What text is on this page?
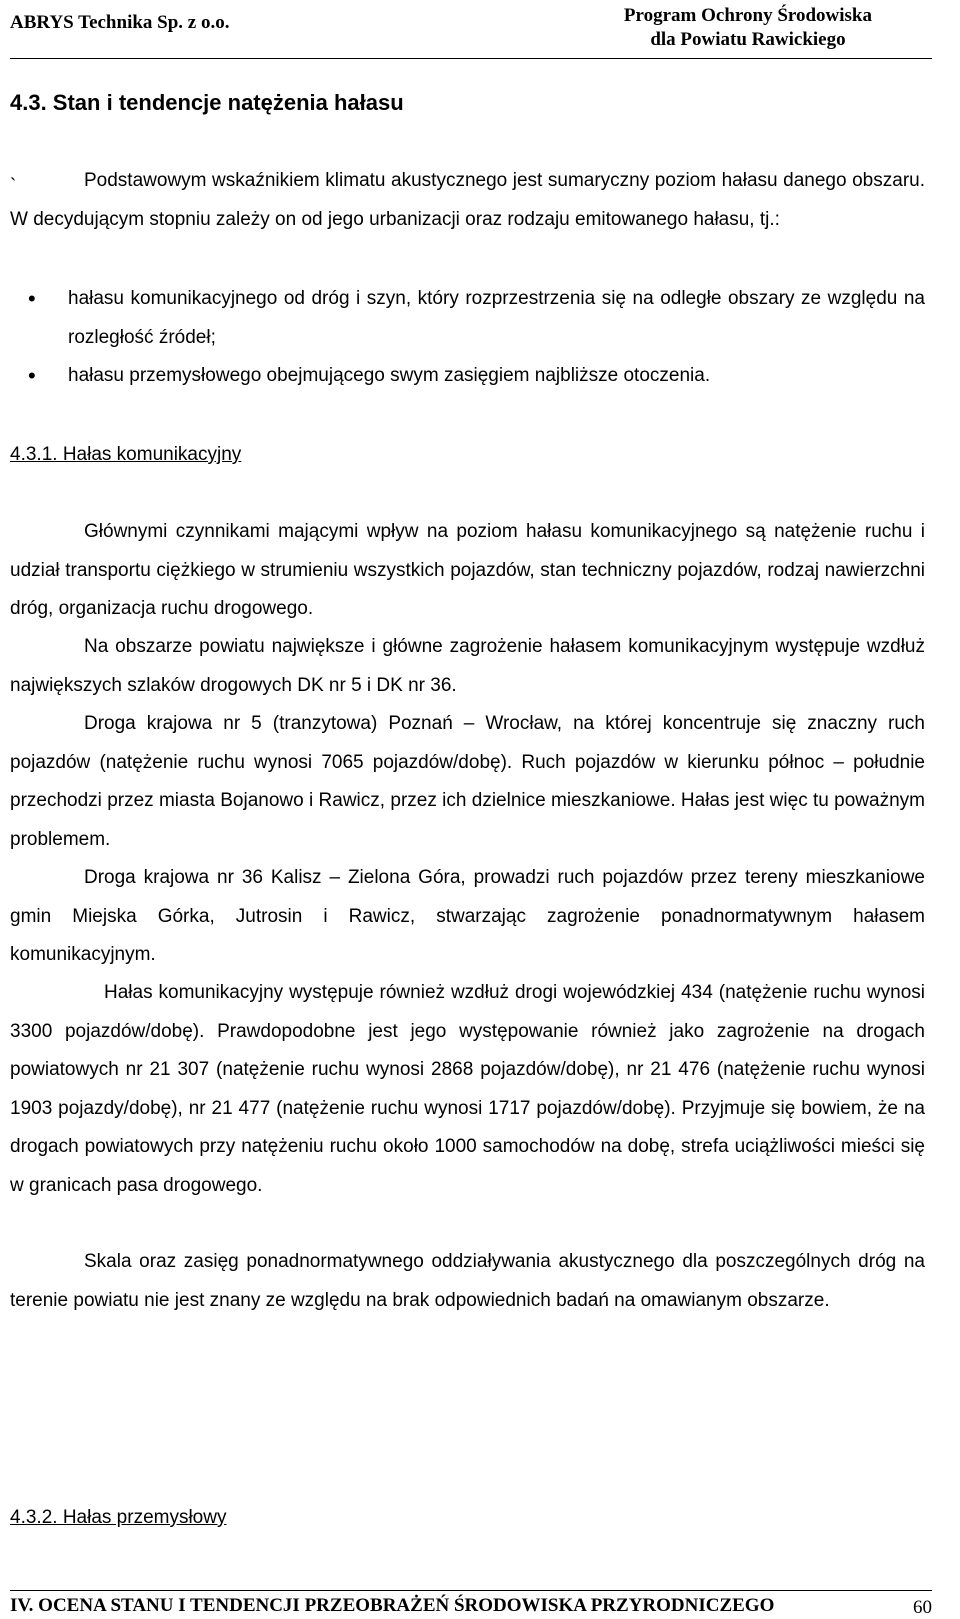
ABRYS Technika Sp. z o.o.	Program Ochrony Środowiska
dla Powiatu Rawickiego
4.3. Stan i tendencje natężenia hałasu
`	Podstawowym wskaźnikiem klimatu akustycznego jest sumaryczny poziom hałasu danego obszaru. W decydującym stopniu zależy on od jego urbanizacji oraz rodzaju emitowanego hałasu, tj.:

• hałasu komunikacyjnego od dróg i szyn, który rozprzestrzenia się na odległe obszary ze względu na rozległość źródeł;
• hałasu przemysłowego obejmującego swym zasięgiem najbliższe otoczenia.
4.3.1. Hałas komunikacyjny

Głównymi czynnikami mającymi wpływ na poziom hałasu komunikacyjnego są natężenie ruchu i udział transportu ciężkiego w strumieniu wszystkich pojazdów, stan techniczny pojazdów, rodzaj nawierzchni dróg, organizacja ruchu drogowego.

Na obszarze powiatu największe i główne zagrożenie hałasem komunikacyjnym występuje wzdłuż największych szlaków drogowych DK nr 5 i DK nr 36.

Droga krajowa nr 5 (tranzytowa) Poznań – Wrocław, na której koncentruje się znaczny ruch pojazdów (natężenie ruchu wynosi 7065 pojazdów/dobę). Ruch pojazdów w kierunku północ – południe przechodzi przez miasta Bojanowo i Rawicz, przez ich dzielnice mieszkaniowe. Hałas jest więc tu poważnym problemem.

Droga krajowa nr 36 Kalisz – Zielona Góra, prowadzi ruch pojazdów przez tereny mieszkaniowe gmin Miejska Górka, Jutrosin i Rawicz, stwarzając zagrożenie ponadnormatywnym hałasem komunikacyjnym.

Hałas komunikacyjny występuje również wzdłuż drogi wojewódzkiej 434 (natężenie ruchu wynosi 3300 pojazdów/dobę). Prawdopodobne jest jego występowanie również jako zagrożenie na drogach powiatowych nr 21 307 (natężenie ruchu wynosi 2868 pojazdów/dobę), nr 21 476 (natężenie ruchu wynosi 1903 pojazdy/dobę), nr 21 477 (natężenie ruchu wynosi 1717 pojazdów/dobę). Przyjmuje się bowiem, że na drogach powiatowych przy natężeniu ruchu około 1000 samochodów na dobę, strefa uciążliwości mieści się w granicach pasa drogowego.

Skala oraz zasięg ponadnormatywnego oddziaływania akustycznego dla poszczególnych dróg na terenie powiatu nie jest znany ze względu na brak odpowiednich badań na omawianym obszarze.

4.3.2. Hałas przemysłowy
IV. OCENA STANU I TENDENCJI PRZEOBRAŻEŃ ŚRODOWISKA PRZYRODNICZEGO	60
